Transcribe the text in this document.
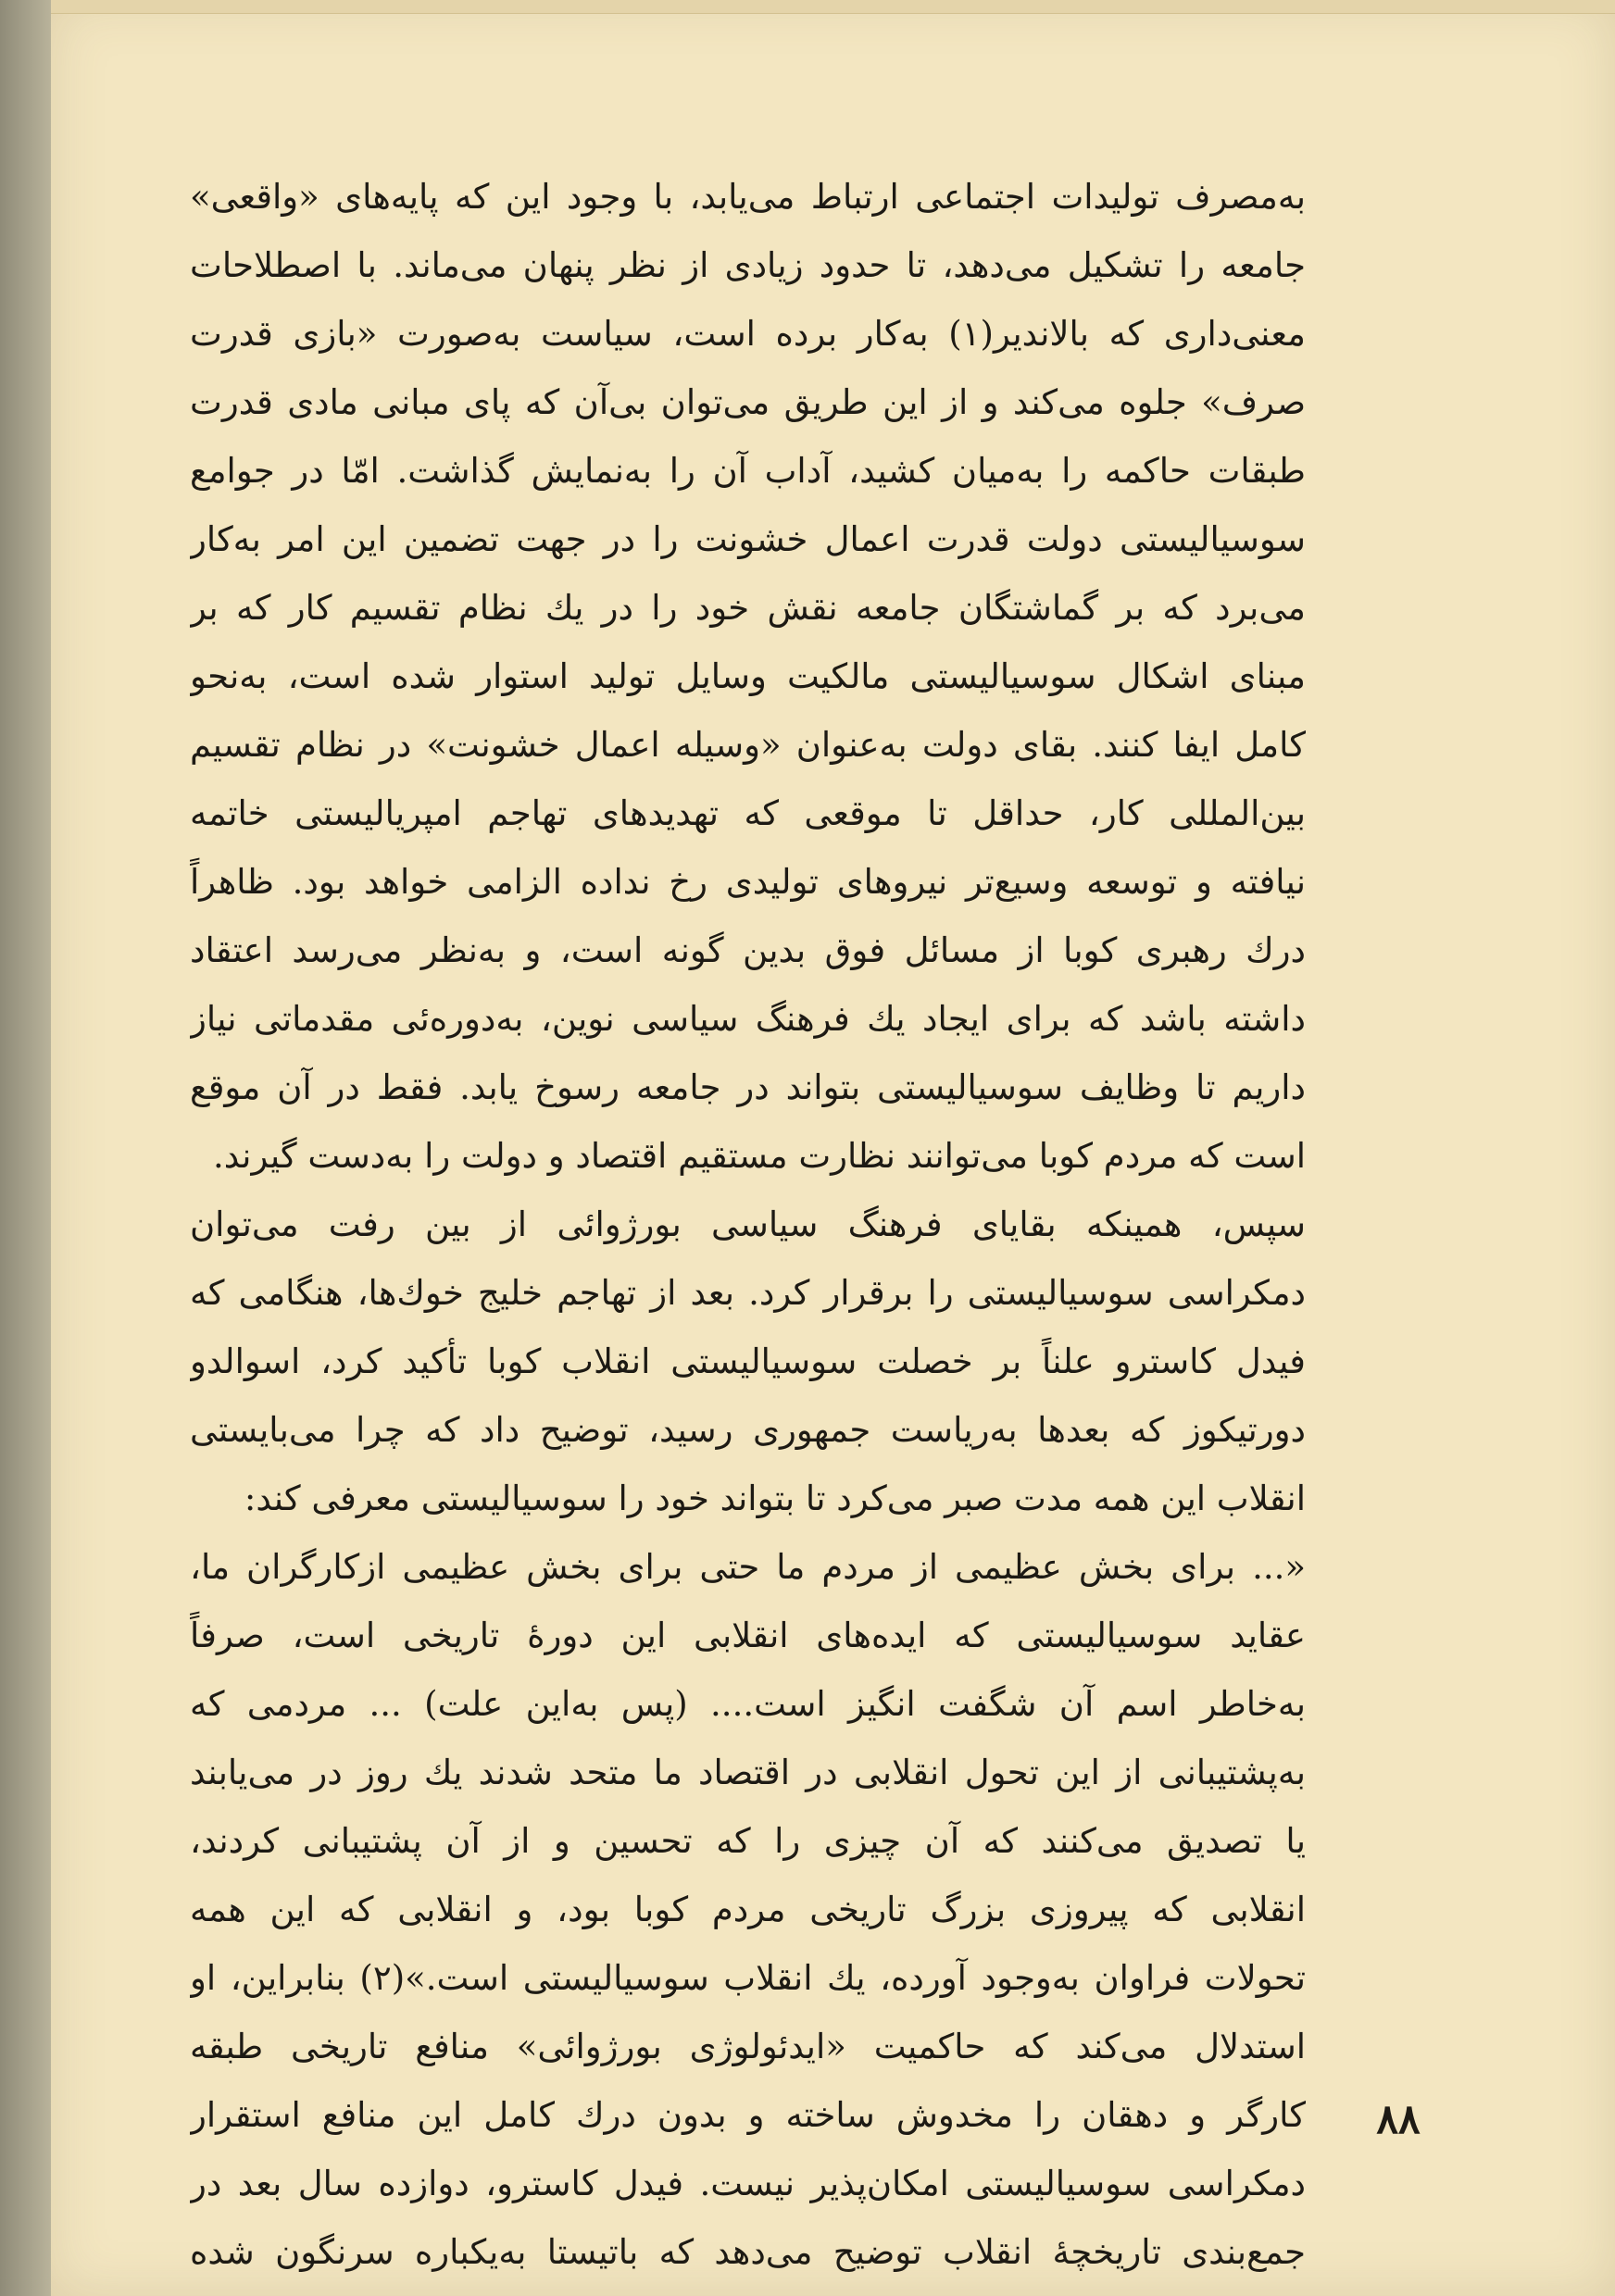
به‌مصرف تولیدات اجتماعی ارتباط می‌یابد، با وجود این که پایه‌های «واقعی»
جامعه را تشکیل می‌دهد، تا حدود زیادی از نظر پنهان می‌ماند. با اصطلاحات
معنی‌داری که بالاندیر(۱) به‌کار برده است، سیاست به‌صورت «بازی قدرت
صرف» جلوه می‌کند و از این طریق می‌توان بی‌آن که پای مبانی مادی قدرت
طبقات حاکمه را به‌میان کشید، آداب آن را به‌نمایش گذاشت. امّا در جوامع
سوسیالیستی دولت قدرت اعمال خشونت را در جهت تضمین این امر به‌کار
می‌برد که بر گماشتگان جامعه نقش خود را در یك نظام تقسیم کار که بر
مبنای اشکال سوسیالیستی مالکیت وسایل تولید استوار شده است، به‌نحو
کامل ایفا کنند. بقای دولت به‌عنوان «وسیله اعمال خشونت» در نظام تقسیم
بین‌المللی کار، حداقل تا موقعی که تهدیدهای تهاجم امپریالیستی خاتمه
نیافته و توسعه وسیع‌تر نیروهای تولیدی رخ نداده الزامی خواهد بود. ظاهراً
درك رهبری کوبا از مسائل فوق بدین گونه است، و به‌نظر می‌رسد اعتقاد
داشته باشد که برای ایجاد یك فرهنگ سیاسی نوین، به‌دوره‌ئی مقدماتی نیاز
داریم تا وظایف سوسیالیستی بتواند در جامعه رسوخ یابد. فقط در آن موقع
است که مردم کوبا می‌توانند نظارت مستقیم اقتصاد و دولت را به‌دست گیرند.
سپس، همینکه بقایای فرهنگ سیاسی بورژوائی از بین رفت می‌توان
دمکراسی سوسیالیستی را برقرار کرد. بعد از تهاجم خلیج خوك‌ها، هنگامی که
فیدل کاسترو علناً بر خصلت سوسیالیستی انقلاب کوبا تأکید کرد، اسوالدو
دورتیکوز که بعدها به‌ریاست جمهوری رسید، توضیح داد که چرا می‌بایستی
انقلاب این همه مدت صبر می‌کرد تا بتواند خود را سوسیالیستی معرفی کند:
«... برای بخش عظیمی از مردم ما حتی برای بخش عظیمی ازکارگران ما،
عقاید سوسیالیستی که ایده‌های انقلابی این دورهٔ تاریخی است، صرفاً
به‌خاطر اسم آن شگفت انگیز است.... (پس به‌این علت) ... مردمی که
به‌پشتیبانی از این تحول انقلابی در اقتصاد ما متحد شدند یك روز در می‌یابند
یا تصدیق می‌کنند که آن چیزی را که تحسین و از آن پشتیبانی کردند،
انقلابی که پیروزی بزرگ تاریخی مردم کوبا بود، و انقلابی که این همه
تحولات فراوان به‌وجود آورده، یك انقلاب سوسیالیستی است.»(۲) بنابراین، او
استدلال می‌کند که حاکمیت «ایدئولوژی بورژوائی» منافع تاریخی طبقه
کارگر و دهقان را مخدوش ساخته و بدون درك کامل این منافع استقرار
دمکراسی سوسیالیستی امکان‌پذیر نیست. فیدل کاسترو، دوازده سال بعد در
جمع‌بندی تاریخچهٔ انقلاب توضیح می‌دهد که باتیستا به‌یکباره سرنگون شده
۸۸
